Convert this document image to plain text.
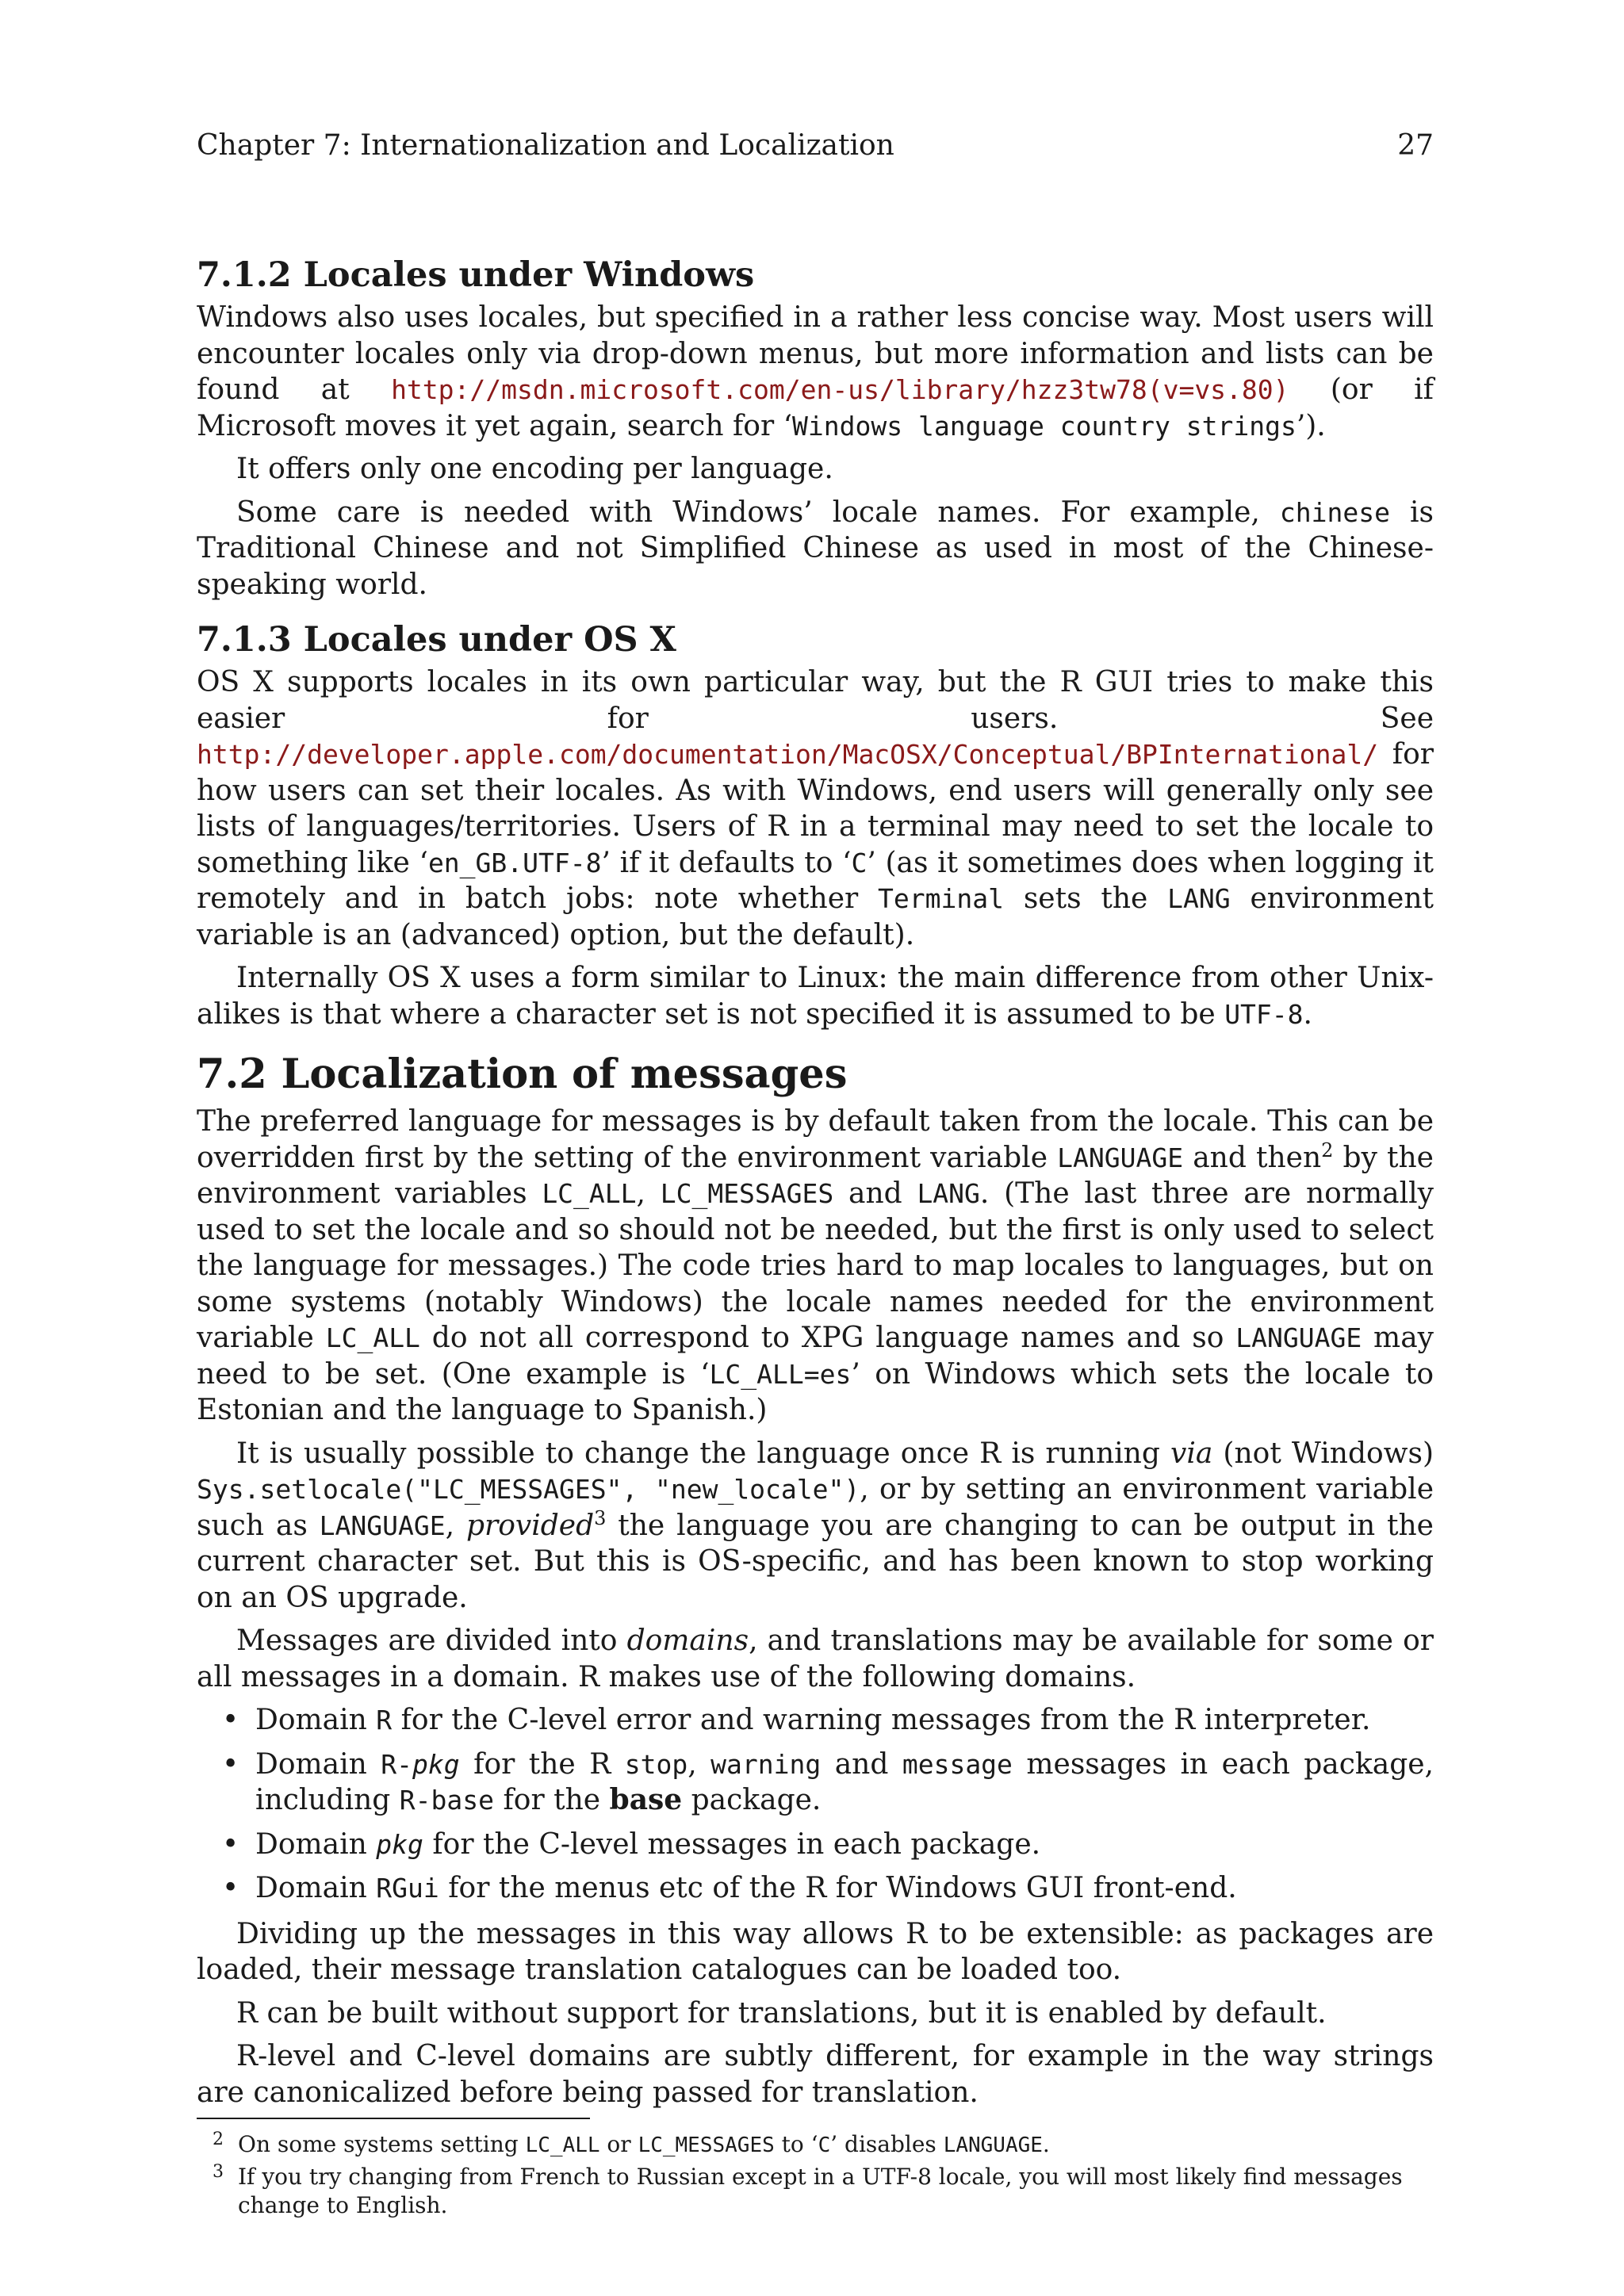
Chapter 7: Internationalization and Localization	27
7.1.2 Locales under Windows

Windows also uses locales, but specified in a rather less concise way. Most users will encounter locales only via drop-down menus, but more information and lists can be found at http://msdn.microsoft.com/en-us/library/hzz3tw78(v=vs.80) (or if Microsoft moves it yet again, search for ‘Windows language country strings’).

It offers only one encoding per language.

Some care is needed with Windows’ locale names. For example, chinese is Traditional Chinese and not Simplified Chinese as used in most of the Chinese-speaking world.

7.1.3 Locales under OS X

OS X supports locales in its own particular way, but the R GUI tries to make this easier for users. See http://developer.apple.com/documentation/MacOSX/Conceptual/BPInternational/ for how users can set their locales. As with Windows, end users will generally only see lists of languages/territories. Users of R in a terminal may need to set the locale to something like ‘en_GB.UTF-8’ if it defaults to ‘C’ (as it sometimes does when logging it remotely and in batch jobs: note whether Terminal sets the LANG environment variable is an (advanced) option, but the default).

Internally OS X uses a form similar to Linux: the main difference from other Unix-alikes is that where a character set is not specified it is assumed to be UTF-8.

7.2 Localization of messages

The preferred language for messages is by default taken from the locale. This can be overridden first by the setting of the environment variable LANGUAGE and then$^2$ by the environment variables LC_ALL, LC_MESSAGES and LANG. (The last three are normally used to set the locale and so should not be needed, but the first is only used to select the language for messages.) The code tries hard to map locales to languages, but on some systems (notably Windows) the locale names needed for the environment variable LC_ALL do not all correspond to XPG language names and so LANGUAGE may need to be set. (One example is ‘LC_ALL=es’ on Windows which sets the locale to Estonian and the language to Spanish.)

It is usually possible to change the language once R is running via (not Windows) Sys.setlocale("LC_MESSAGES", "new_locale"), or by setting an environment variable such as LANGUAGE, provided$^3$ the language you are changing to can be output in the current character set. But this is OS-specific, and has been known to stop working on an OS upgrade.

Messages are divided into domains, and translations may be available for some or all messages in a domain. R makes use of the following domains.

• Domain R for the C-level error and warning messages from the R interpreter.
• Domain R-pkg for the R stop, warning and message messages in each package, including R-base for the base package.
• Domain pkg for the C-level messages in each package.
• Domain RGui for the menus etc of the R for Windows GUI front-end.

Dividing up the messages in this way allows R to be extensible: as packages are loaded, their message translation catalogues can be loaded too.

R can be built without support for translations, but it is enabled by default.

R-level and C-level domains are subtly different, for example in the way strings are canonicalized before being passed for translation.

2 On some systems setting LC_ALL or LC_MESSAGES to ‘C’ disables LANGUAGE.
3 If you try changing from French to Russian except in a UTF-8 locale, you will most likely find messages change to English.
